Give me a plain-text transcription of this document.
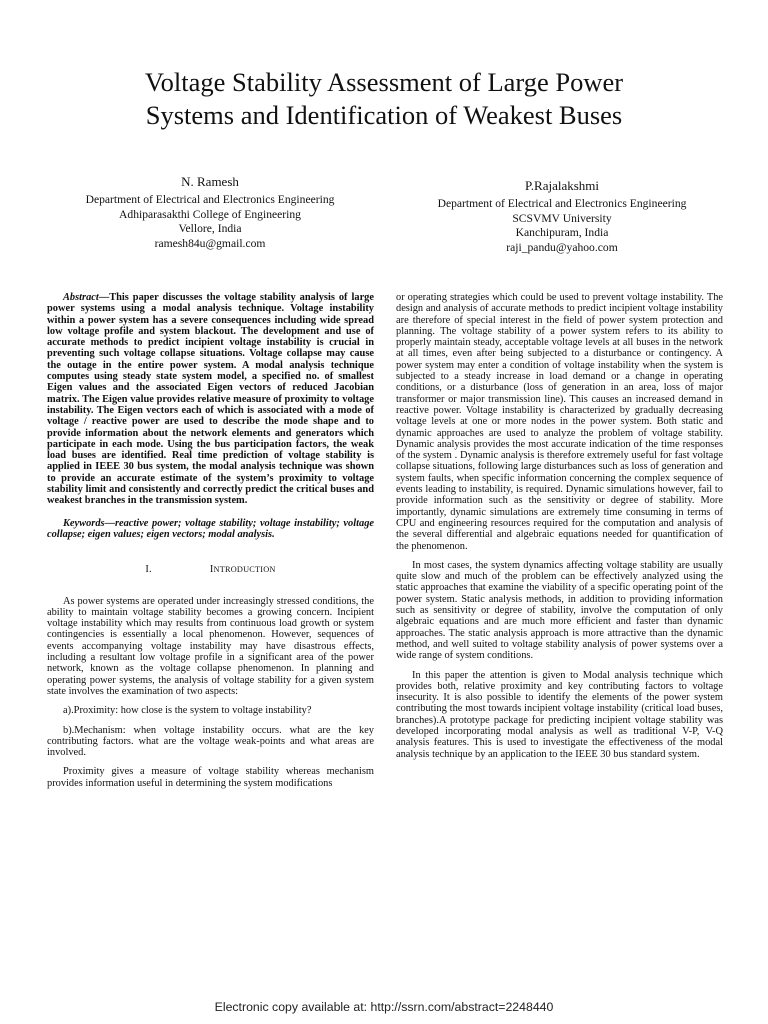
Voltage Stability Assessment of Large Power
Systems and Identification of Weakest Buses
N. Ramesh
Department of Electrical and Electronics Engineering
Adhiparasakthi College of Engineering
Vellore, India
ramesh84u@gmail.com
P.Rajalakshmi
Department of Electrical and Electronics Engineering
SCSVMV University
Kanchipuram, India
raji_pandu@yahoo.com

Abstract—This paper discusses the voltage stability analysis of large power systems using a modal analysis technique. Voltage instability within a power system has a severe consequences including wide spread low voltage profile and system blackout. The development and use of accurate methods to predict incipient voltage instability is crucial in preventing such voltage collapse situations. Voltage collapse may cause the outage in the entire power system. A modal analysis technique computes using steady state system model, a specified no. of smallest Eigen values and the associated Eigen vectors of reduced Jacobian matrix. The Eigen value provides relative measure of proximity to voltage instability. The Eigen vectors each of which is associated with a mode of voltage / reactive power are used to describe the mode shape and to provide information about the network elements and generators which participate in each mode. Using the bus participation factors, the weak load buses are identified. Real time prediction of voltage stability is applied in IEEE 30 bus system, the modal analysis technique was shown to provide an accurate estimate of the system’s proximity to voltage stability limit and consistently and correctly predict the critical buses and weakest branches in the transmission system.

Keywords—reactive power; voltage stability; voltage instability; voltage collapse; eigen values; eigen vectors; modal analysis.

I.	INTRODUCTION

As power systems are operated under increasingly stressed conditions, the ability to maintain voltage stability becomes a growing concern. Incipient voltage instability which may results from continuous load growth or system contingencies is essentially a local phenomenon. However, sequences of events accompanying voltage instability may have disastrous effects, including a resultant low voltage profile in a significant area of the power network, known as the voltage collapse phenomenon. In planning and operating power systems, the analysis of voltage stability for a given system state involves the examination of two aspects:

a).Proximity: how close is the system to voltage instability?

b).Mechanism: when voltage instability occurs. what are the key contributing factors. what are the voltage weak-points and what areas are involved.

Proximity gives a measure of voltage stability whereas mechanism provides information useful in determining the system modifications

or operating strategies which could be used to prevent voltage instability. The design and analysis of accurate methods to predict incipient voltage instability are therefore of special interest in the field of power system protection and planning. The voltage stability of a power system refers to its ability to properly maintain steady, acceptable voltage levels at all buses in the network at all times, even after being subjected to a disturbance or contingency. A power system may enter a condition of voltage instability when the system is subjected to a steady increase in load demand or a change in operating conditions, or a disturbance (loss of generation in an area, loss of major transformer or major transmission line). This causes an increased demand in reactive power. Voltage instability is characterized by gradually decreasing voltage levels at one or more nodes in the power system. Both static and dynamic approaches are used to analyze the problem of voltage stability. Dynamic analysis provides the most accurate indication of the time responses of the system . Dynamic analysis is therefore extremely useful for fast voltage collapse situations, following large disturbances such as loss of generation and system faults, when specific information concerning the complex sequence of events leading to instability, is required. Dynamic simulations however, fail to provide information such as the sensitivity or degree of stability. More importantly, dynamic simulations are extremely time consuming in terms of CPU and engineering resources required for the computation and analysis of the several differential and algebraic equations needed for quantification of the phenomenon.

In most cases, the system dynamics affecting voltage stability are usually quite slow and much of the problem can be effectively analyzed using the static approaches that examine the viability of a specific operating point of the power system. Static analysis methods, in addition to providing information such as sensitivity or degree of stability, involve the computation of only algebraic equations and are much more efficient and faster than dynamic approaches. The static analysis approach is more attractive than the dynamic method, and well suited to voltage stability analysis of power systems over a wide range of system conditions.

In this paper the attention is given to Modal analysis technique which provides both, relative proximity and key contributing factors to voltage insecurity. It is also possible to identify the elements of the power system contributing the most towards incipient voltage instability (critical load buses, branches).A prototype package for predicting incipient voltage stability was developed incorporating modal analysis as well as traditional V-P, V-Q analysis features. This is used to investigate the effectiveness of the modal analysis technique by an application to the IEEE 30 bus standard system.

Electronic copy available at: http://ssrn.com/abstract=2248440
